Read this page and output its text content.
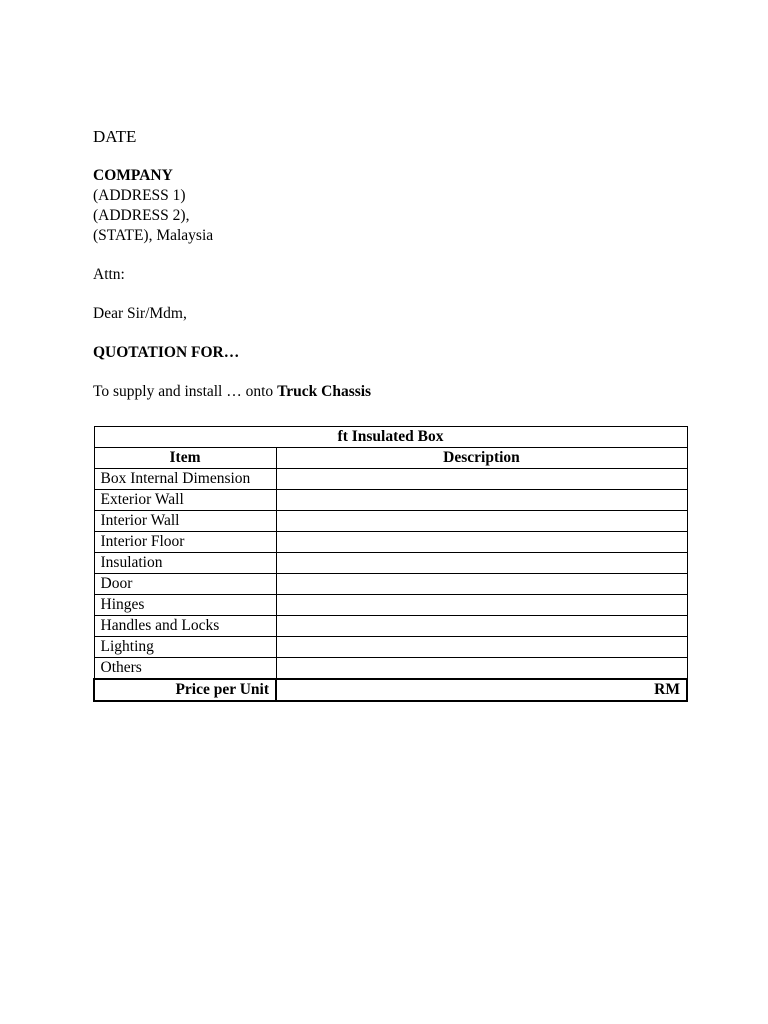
DATE
COMPANY
(ADDRESS 1)
(ADDRESS 2),
(STATE), Malaysia
Attn:
Dear Sir/Mdm,
QUOTATION FOR…
To supply and install … onto Truck Chassis
ft Insulated Box	
Item	Description
Box Internal Dimension	
Exterior Wall	
Interior Wall	
Interior Floor	
Insulation	
Door	
Hinges	
Handles and Locks	
Lighting	
Others	
Price per Unit	RM
